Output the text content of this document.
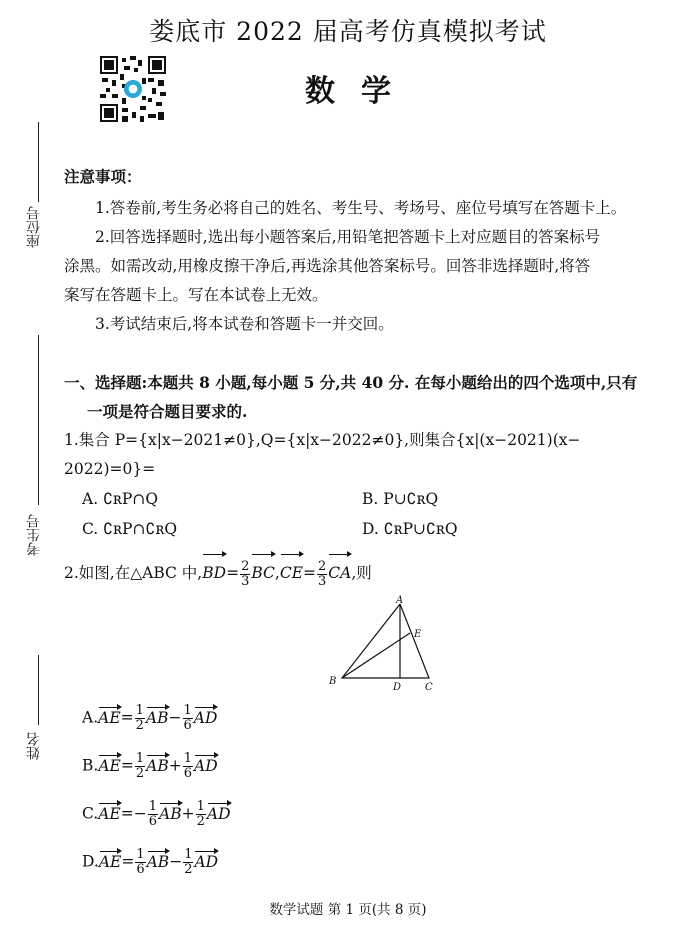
娄底市 2022 届高考仿真模拟考试
数学
座位号
考生号
姓名
注意事项：
1.答卷前,考生务必将自己的姓名、考生号、考场号、座位号填写在答题卡上。
2.回答选择题时,选出每小题答案后,用铅笔把答题卡上对应题目的答案标号
涂黑。如需改动,用橡皮擦干净后,再选涂其他答案标号。回答非选择题时,将答
案写在答题卡上。写在本试卷上无效。
3.考试结束后,将本试卷和答题卡一并交回。
一、选择题:本题共 8 小题,每小题 5 分,共 40 分. 在每小题给出的四个选项中,只有
一项是符合题目要求的.
1.集合 P={x|x−2021≠0},Q={x|x−2022≠0},则集合{x|(x−2021)(x−
2022)=0}=
A. ∁ʀP∩Q	B. P∪∁ʀQ
C. ∁ʀP∩∁ʀQ	D. ∁ʀP∪∁ʀQ
2.如图,在△ABC 中$,BD= \frac{2}{3} BC,CE= \frac{2}{3}$ CA,则
A
B
C
D
E
$A.AE= \frac{1}{2} AB- \frac{1}{6}$ AD
$B.AE= \frac{1}{2} AB+ \frac{1}{6}$ AD
$C.AE=- \frac{1}{6} AB+ \frac{1}{2}$ AD
$D.AE= \frac{1}{6} AB- \frac{1}{2}$ AD
数学试题 第 1 页(共 8 页)
